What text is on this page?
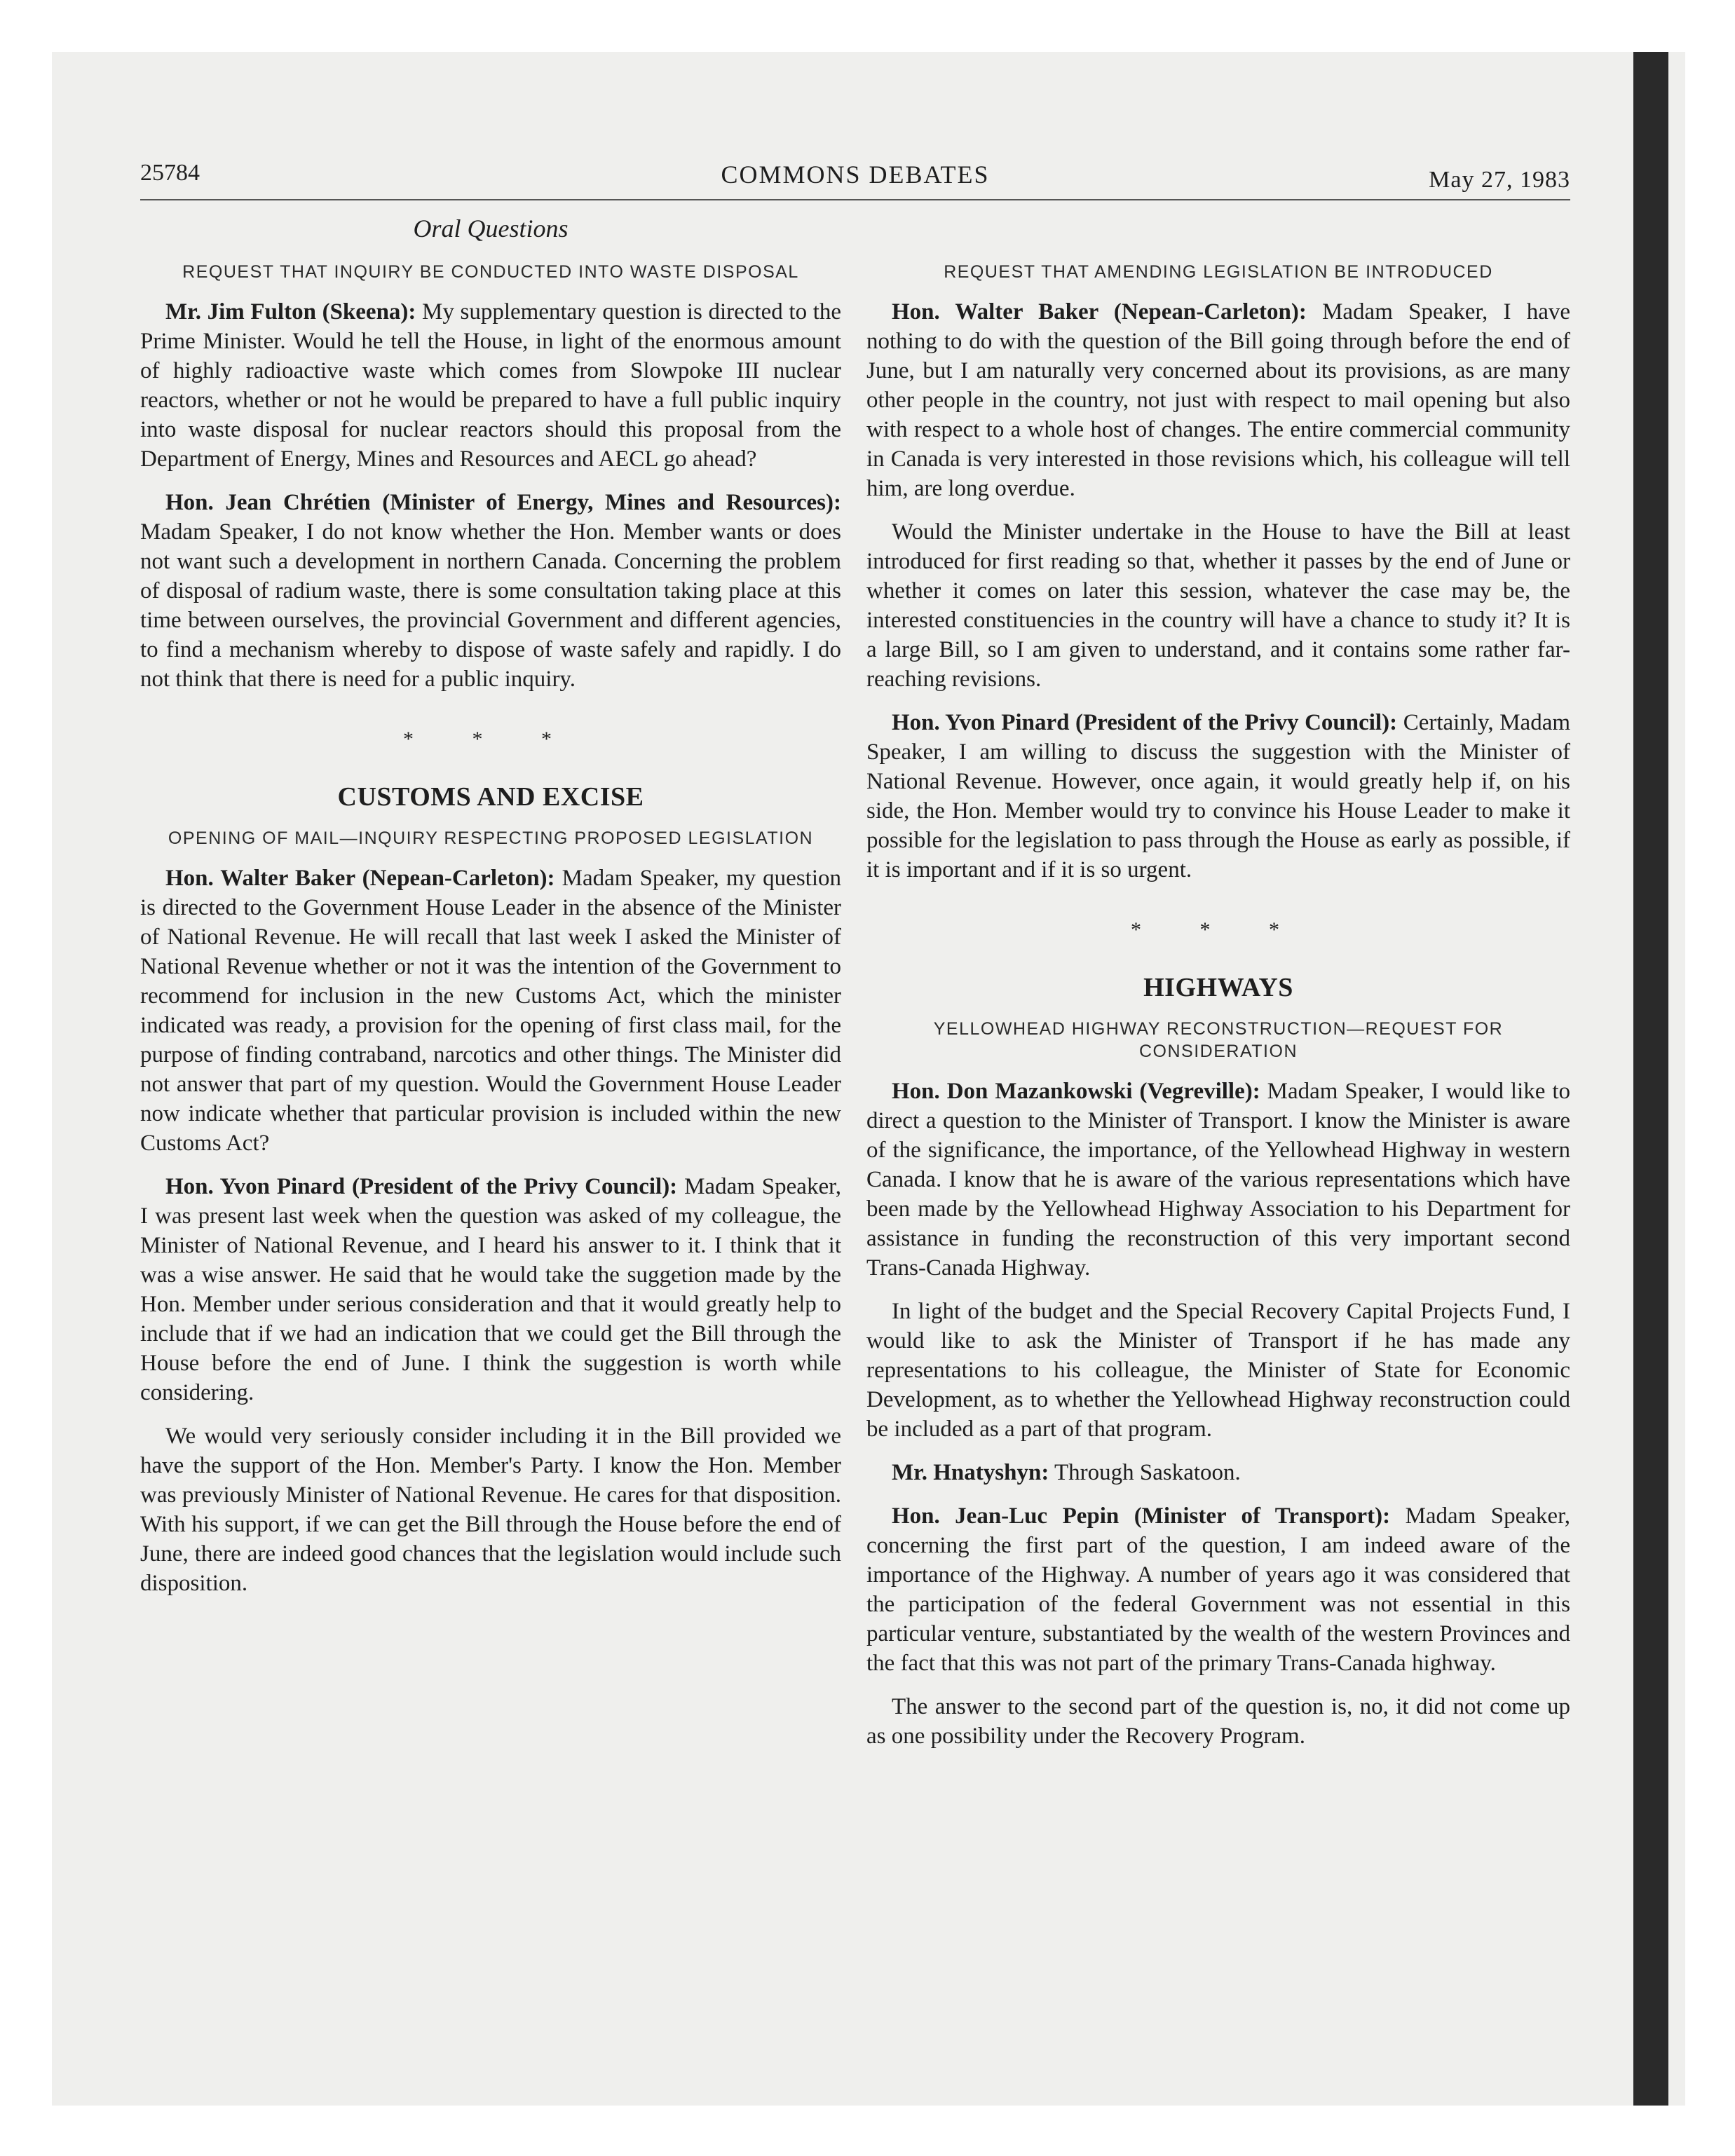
25784	COMMONS DEBATES	May 27, 1983
Oral Questions
REQUEST THAT INQUIRY BE CONDUCTED INTO WASTE DISPOSAL

Mr. Jim Fulton (Skeena): My supplementary question is directed to the Prime Minister. Would he tell the House, in light of the enormous amount of highly radioactive waste which comes from Slowpoke III nuclear reactors, whether or not he would be prepared to have a full public inquiry into waste disposal for nuclear reactors should this proposal from the Department of Energy, Mines and Resources and AECL go ahead?

Hon. Jean Chrétien (Minister of Energy, Mines and Resources): Madam Speaker, I do not know whether the Hon. Member wants or does not want such a development in northern Canada. Concerning the problem of disposal of radium waste, there is some consultation taking place at this time between ourselves, the provincial Government and different agencies, to find a mechanism whereby to dispose of waste safely and rapidly. I do not think that there is need for a public inquiry.

* * *
CUSTOMS AND EXCISE
OPENING OF MAIL—INQUIRY RESPECTING PROPOSED LEGISLATION

Hon. Walter Baker (Nepean-Carleton): Madam Speaker, my question is directed to the Government House Leader in the absence of the Minister of National Revenue. He will recall that last week I asked the Minister of National Revenue whether or not it was the intention of the Government to recommend for inclusion in the new Customs Act, which the minister indicated was ready, a provision for the opening of first class mail, for the purpose of finding contraband, narcotics and other things. The Minister did not answer that part of my question. Would the Government House Leader now indicate whether that particular provision is included within the new Customs Act?

Hon. Yvon Pinard (President of the Privy Council): Madam Speaker, I was present last week when the question was asked of my colleague, the Minister of National Revenue, and I heard his answer to it. I think that it was a wise answer. He said that he would take the suggetion made by the Hon. Member under serious consideration and that it would greatly help to include that if we had an indication that we could get the Bill through the House before the end of June. I think the suggestion is worth while considering.

We would very seriously consider including it in the Bill provided we have the support of the Hon. Member's Party. I know the Hon. Member was previously Minister of National Revenue. He cares for that disposition. With his support, if we can get the Bill through the House before the end of June, there are indeed good chances that the legislation would include such disposition.

REQUEST THAT AMENDING LEGISLATION BE INTRODUCED

Hon. Walter Baker (Nepean-Carleton): Madam Speaker, I have nothing to do with the question of the Bill going through before the end of June, but I am naturally very concerned about its provisions, as are many other people in the country, not just with respect to mail opening but also with respect to a whole host of changes. The entire commercial community in Canada is very interested in those revisions which, his colleague will tell him, are long overdue.

Would the Minister undertake in the House to have the Bill at least introduced for first reading so that, whether it passes by the end of June or whether it comes on later this session, whatever the case may be, the interested constituencies in the country will have a chance to study it? It is a large Bill, so I am given to understand, and it contains some rather far-reaching revisions.

Hon. Yvon Pinard (President of the Privy Council): Certainly, Madam Speaker, I am willing to discuss the suggestion with the Minister of National Revenue. However, once again, it would greatly help if, on his side, the Hon. Member would try to convince his House Leader to make it possible for the legislation to pass through the House as early as possible, if it is important and if it is so urgent.

* * *
HIGHWAYS
YELLOWHEAD HIGHWAY RECONSTRUCTION—REQUEST FOR CONSIDERATION

Hon. Don Mazankowski (Vegreville): Madam Speaker, I would like to direct a question to the Minister of Transport. I know the Minister is aware of the significance, the importance, of the Yellowhead Highway in western Canada. I know that he is aware of the various representations which have been made by the Yellowhead Highway Association to his Department for assistance in funding the reconstruction of this very important second Trans-Canada Highway.

In light of the budget and the Special Recovery Capital Projects Fund, I would like to ask the Minister of Transport if he has made any representations to his colleague, the Minister of State for Economic Development, as to whether the Yellowhead Highway reconstruction could be included as a part of that program.

Mr. Hnatyshyn: Through Saskatoon.

Hon. Jean-Luc Pepin (Minister of Transport): Madam Speaker, concerning the first part of the question, I am indeed aware of the importance of the Highway. A number of years ago it was considered that the participation of the federal Government was not essential in this particular venture, substantiated by the wealth of the western Provinces and the fact that this was not part of the primary Trans-Canada highway.

The answer to the second part of the question is, no, it did not come up as one possibility under the Recovery Program.
